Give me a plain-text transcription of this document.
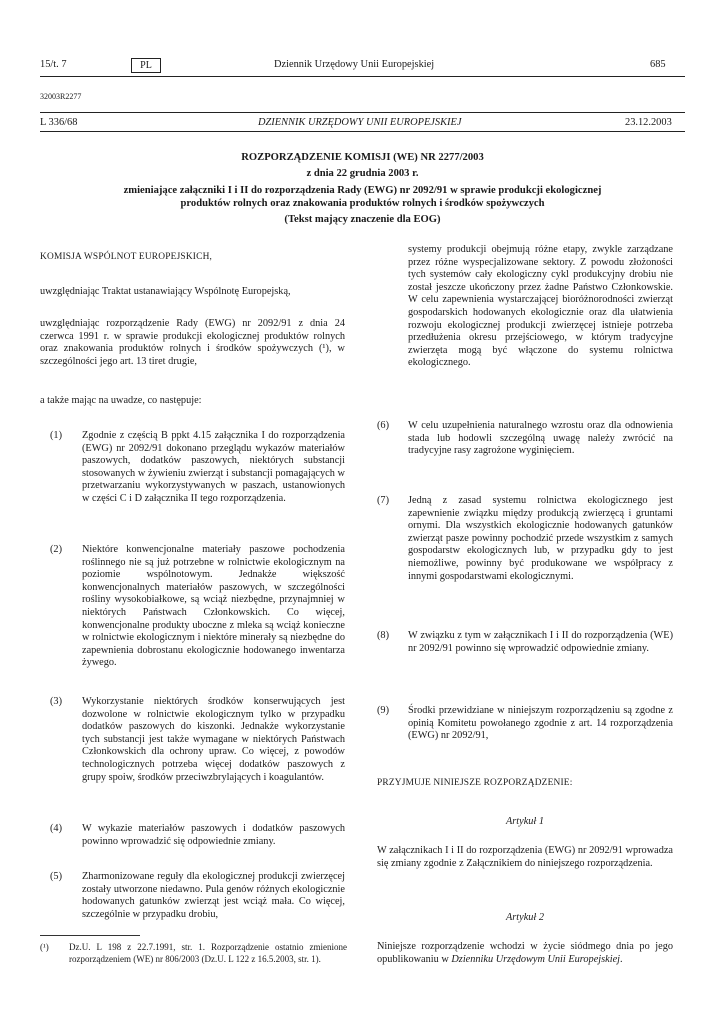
15/t. 7	PL	Dziennik Urzędowy Unii Europejskiej	685
32003R2277
L 336/68	DZIENNIK URZĘDOWY UNII EUROPEJSKIEJ	23.12.2003
ROZPORZĄDZENIE KOMISJI (WE) NR 2277/2003
z dnia 22 grudnia 2003 r.
zmieniające załączniki I i II do rozporządzenia Rady (EWG) nr 2092/91 w sprawie produkcji ekologicznej
produktów rolnych oraz znakowania produktów rolnych i środków spożywczych
(Tekst mający znaczenie dla EOG)
KOMISJA WSPÓLNOT EUROPEJSKICH,
uwzględniając Traktat ustanawiający Wspólnotę Europejską,
uwzględniając rozporządzenie Rady (EWG) nr 2092/91 z dnia 24 czerwca 1991 r. w sprawie produkcji ekologicznej produktów rolnych oraz znakowania produktów rolnych i środków spożywczych (¹), w szczególności jego art. 13 tiret drugie,
a także mając na uwadze, co następuje:
(1) Zgodnie z częścią B ppkt 4.15 załącznika I do rozporządzenia (EWG) nr 2092/91 dokonano przeglądu wykazów materiałów paszowych, dodatków paszowych, niektórych substancji stosowanych w żywieniu zwierząt i substancji pomagających w przetwarzaniu wykorzystywanych w paszach, ustanowionych w części C i D załącznika II tego rozporządzenia.
(2) Niektóre konwencjonalne materiały paszowe pochodzenia roślinnego nie są już potrzebne w rolnictwie ekologicznym na poziomie wspólnotowym. Jednakże większość konwencjonalnych materiałów paszowych, w szczególności rośliny wysokobiałkowe, są wciąż niezbędne, przynajmniej w niektórych Państwach Członkowskich. Co więcej, konwencjonalne produkty uboczne z mleka są wciąż konieczne w rolnictwie ekologicznym i niektóre minerały są niezbędne do zapewnienia dobrostanu ekologicznie hodowanego inwentarza żywego.
(3) Wykorzystanie niektórych środków konserwujących jest dozwolone w rolnictwie ekologicznym tylko w przypadku dodatków paszowych do kiszonki. Jednakże wykorzystanie tych substancji jest także wymagane w niektórych Państwach Członkowskich dla ochrony upraw. Co więcej, z powodów technologicznych potrzeba więcej dodatków paszowych z grupy spoiw, środków przeciwzbrylających i koagulantów.
(4) W wykazie materiałów paszowych i dodatków paszowych powinno wprowadzić się odpowiednie zmiany.
(5) Zharmonizowane reguły dla ekologicznej produkcji zwierzęcej zostały utworzone niedawno. Pula genów różnych ekologicznie hodowanych gatunków zwierząt jest wciąż mała. Co więcej, szczególnie w przypadku drobiu,
(¹)	Dz.U. L 198 z 22.7.1991, str. 1. Rozporządzenie ostatnio zmienione rozporządzeniem (WE) nr 806/2003 (Dz.U. L 122 z 16.5.2003, str. 1).
systemy produkcji obejmują różne etapy, zwykle zarządzane przez różne wyspecjalizowane sektory. Z powodu złożoności tych systemów cały ekologiczny cykl produkcyjny drobiu nie został jeszcze ukończony przez żadne Państwo Członkowskie. W celu zapewnienia wystarczającej bioróżnorodności zwierząt gospodarskich hodowanych ekologicznie oraz dla ułatwienia rozwoju ekologicznej produkcji zwierzęcej istnieje potrzeba przedłużenia okresu przejściowego, w którym tradycyjne zwierzęta mogą być włączone do systemu rolnictwa ekologicznego.
(6) W celu uzupełnienia naturalnego wzrostu oraz dla odnowienia stada lub hodowli szczególną uwagę należy zwrócić na tradycyjne rasy zagrożone wyginięciem.
(7) Jedną z zasad systemu rolnictwa ekologicznego jest zapewnienie związku między produkcją zwierzęcą i gruntami ornymi. Dla wszystkich ekologicznie hodowanych gatunków zwierząt pasze powinny pochodzić przede wszystkim z samych gospodarstw ekologicznych lub, w przypadku gdy to jest niemożliwe, powinny być produkowane we współpracy z innymi gospodarstwami ekologicznymi.
(8) W związku z tym w załącznikach I i II do rozporządzenia (WE) nr 2092/91 powinno się wprowadzić odpowiednie zmiany.
(9) Środki przewidziane w niniejszym rozporządzeniu są zgodne z opinią Komitetu powołanego zgodnie z art. 14 rozporządzenia (EWG) nr 2092/91,
PRZYJMUJE NINIEJSZE ROZPORZĄDZENIE:
Artykuł 1
W załącznikach I i II do rozporządzenia (EWG) nr 2092/91 wprowadza się zmiany zgodnie z Załącznikiem do niniejszego rozporządzenia.
Artykuł 2
Niniejsze rozporządzenie wchodzi w życie siódmego dnia po jego opublikowaniu w Dzienniku Urzędowym Unii Europejskiej.
